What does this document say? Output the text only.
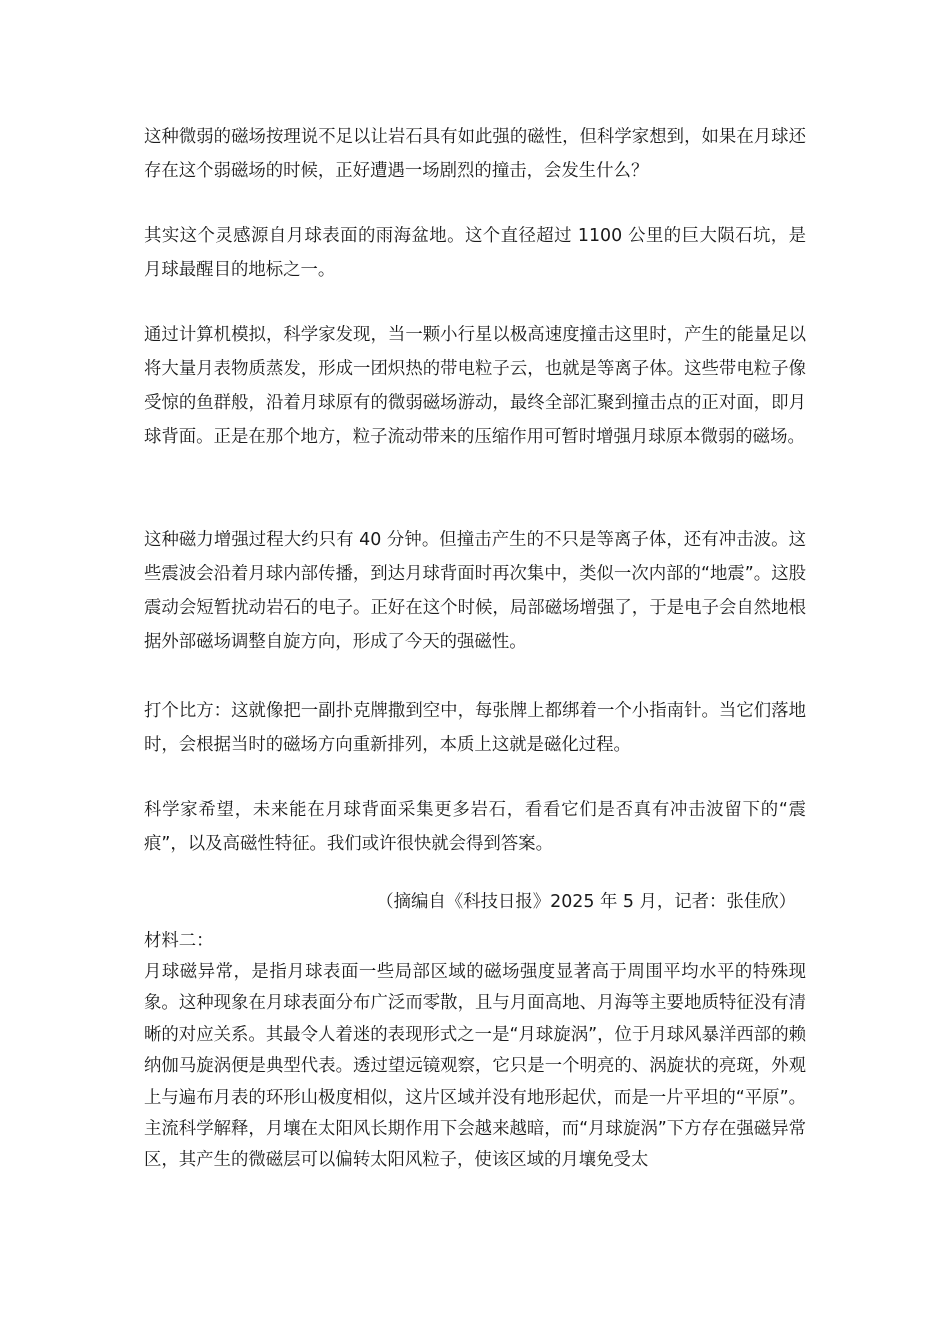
这种微弱的磁场按理说不足以让岩石具有如此强的磁性，但科学家想到，如果在月球还存在这个弱磁场的时候，正好遭遇一场剧烈的撞击，会发生什么？

其实这个灵感源自月球表面的雨海盆地。这个直径超过 1100 公里的巨大陨石坑，是月球最醒目的地标之一。

通过计算机模拟，科学家发现，当一颗小行星以极高速度撞击这里时，产生的能量足以将大量月表物质蒸发，形成一团炽热的带电粒子云，也就是等离子体。这些带电粒子像受惊的鱼群般，沿着月球原有的微弱磁场游动，最终全部汇聚到撞击点的正对面，即月球背面。正是在那个地方，粒子流动带来的压缩作用可暂时增强月球原本微弱的磁场。

这种磁力增强过程大约只有 40 分钟。但撞击产生的不只是等离子体，还有冲击波。这些震波会沿着月球内部传播，到达月球背面时再次集中，类似一次内部的“地震”。这股震动会短暂扰动岩石的电子。正好在这个时候，局部磁场增强了，于是电子会自然地根据外部磁场调整自旋方向，形成了今天的强磁性。

打个比方：这就像把一副扑克牌撒到空中，每张牌上都绑着一个小指南针。当它们落地时，会根据当时的磁场方向重新排列，本质上这就是磁化过程。

科学家希望，未来能在月球背面采集更多岩石，看看它们是否真有冲击波留下的“震痕”，以及高磁性特征。我们或许很快就会得到答案。

（摘编自《科技日报》2025 年 5 月，记者：张佳欣）
材料二：

月球磁异常，是指月球表面一些局部区域的磁场强度显著高于周围平均水平的特殊现象。这种现象在月球表面分布广泛而零散，且与月面高地、月海等主要地质特征没有清晰的对应关系。其最令人着迷的表现形式之一是“月球旋涡”，位于月球风暴洋西部的赖纳伽马旋涡便是典型代表。透过望远镜观察，它只是一个明亮的、涡旋状的亮斑，外观上与遍布月表的环形山极度相似，这片区域并没有地形起伏，而是一片平坦的“平原”。主流科学解释，月壤在太阳风长期作用下会越来越暗，而“月球旋涡”下方存在强磁异常区，其产生的微磁层可以偏转太阳风粒子，使该区域的月壤免受太
